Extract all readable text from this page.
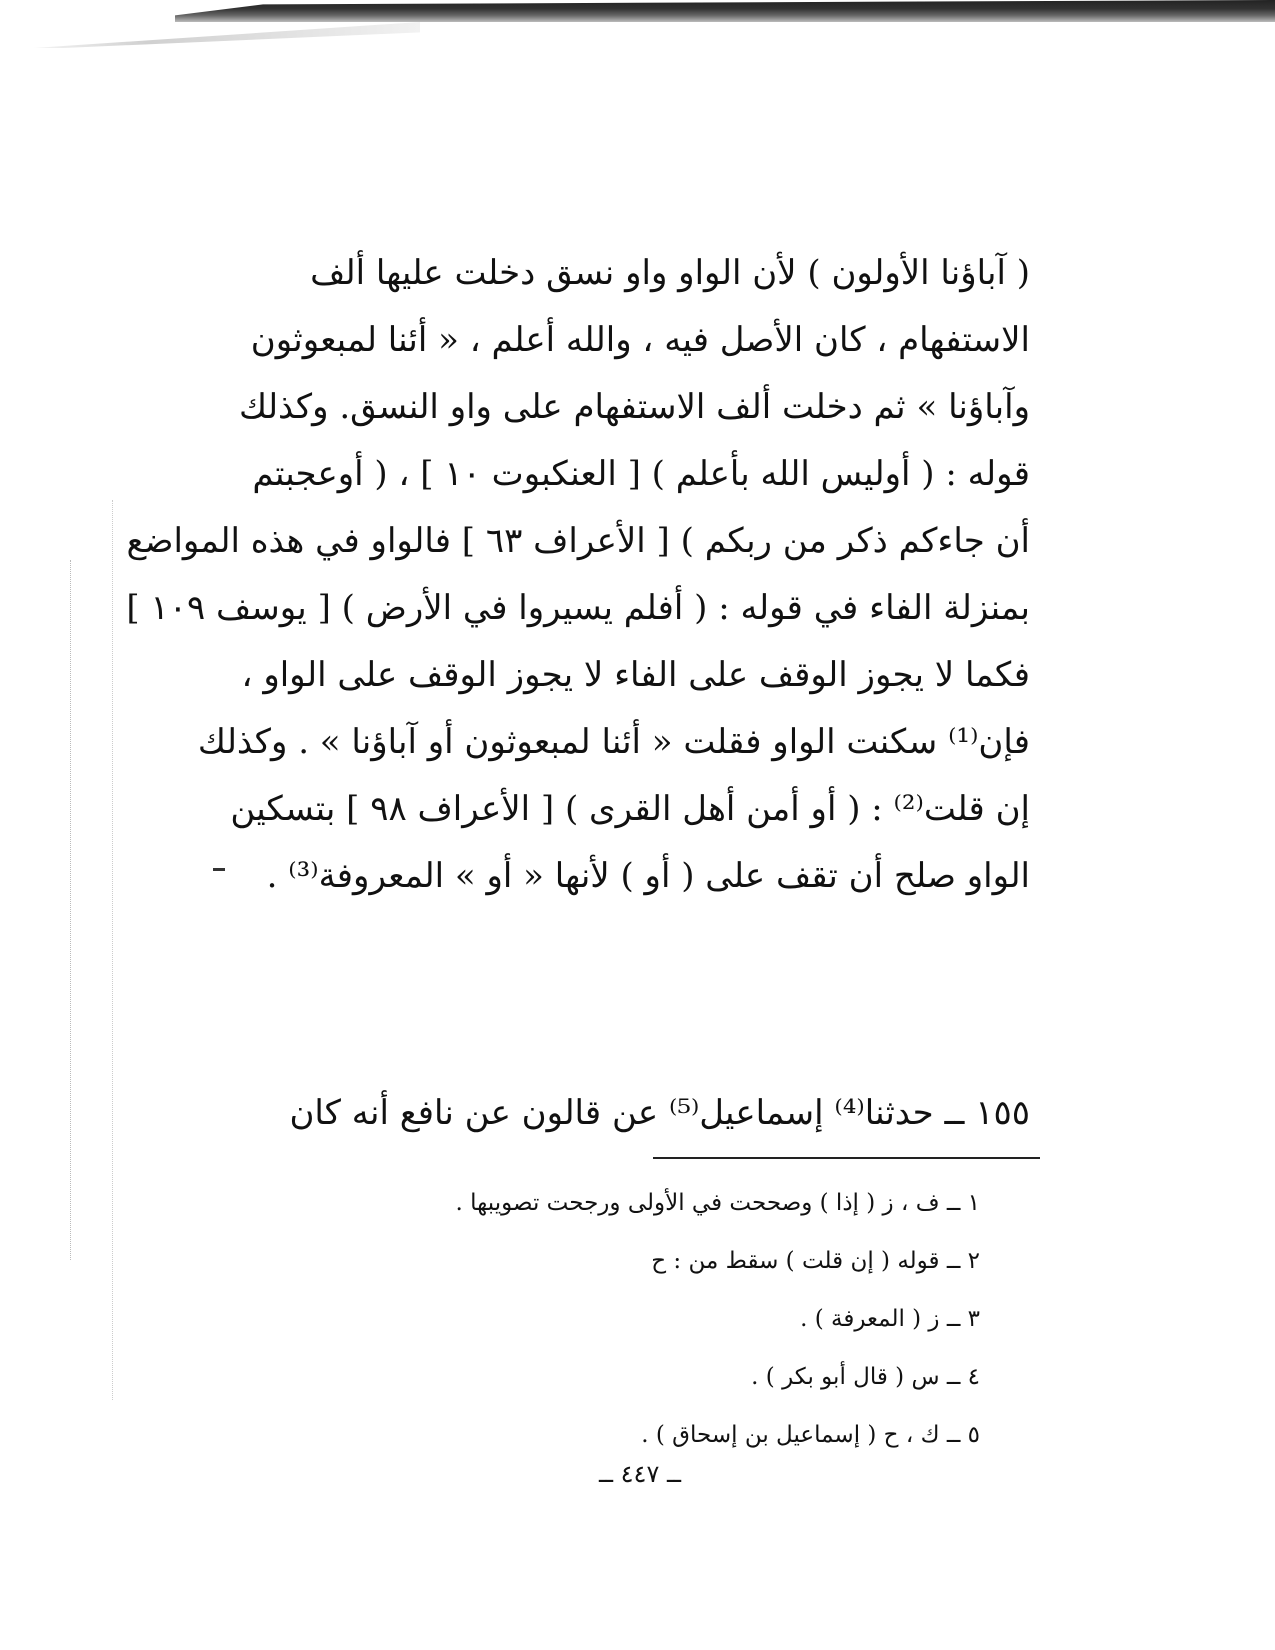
( آباؤنا الأولون ) لأن الواو واو نسق دخلت عليها ألف
الاستفهام ، كان الأصل فيه ، والله أعلم ، « أئنا لمبعوثون
وآباؤنا » ثم دخلت ألف الاستفهام على واو النسق. وكذلك
قوله : ( أوليس الله بأعلم ) [ العنكبوت ١٠ ] ، ( أوعجبتم
أن جاءكم ذكر من ربكم ) [ الأعراف ٦٣ ] فالواو في هذه المواضع
بمنزلة الفاء في قوله : ( أفلم يسيروا في الأرض ) [ يوسف ١٠٩ ]
فكما لا يجوز الوقف على الفاء لا يجوز الوقف على الواو ،
فإن⁽¹⁾ سكنت الواو فقلت « أئنا لمبعوثون أو آباؤنا » . وكذلك
إن قلت⁽²⁾ : ( أو أمن أهل القرى ) [ الأعراف ٩٨ ] بتسكين
الواو صلح أن تقف على ( أو ) لأنها « أو » المعروفة⁽³⁾ .
١٥٥ ــ حدثنا⁽⁴⁾ إسماعيل⁽⁵⁾ عن قالون عن نافع أنه كان
١ ــ ف ، ز ( إذا ) وصححت في الأولى ورجحت تصويبها .
٢ ــ قوله ( إن قلت ) سقط من : ح
٣ ــ ز ( المعرفة ) .
٤ ــ س ( قال أبو بكر ) .
٥ ــ ك ، ح ( إسماعيل بن إسحاق ) .
ــ ٤٤٧ ــ
